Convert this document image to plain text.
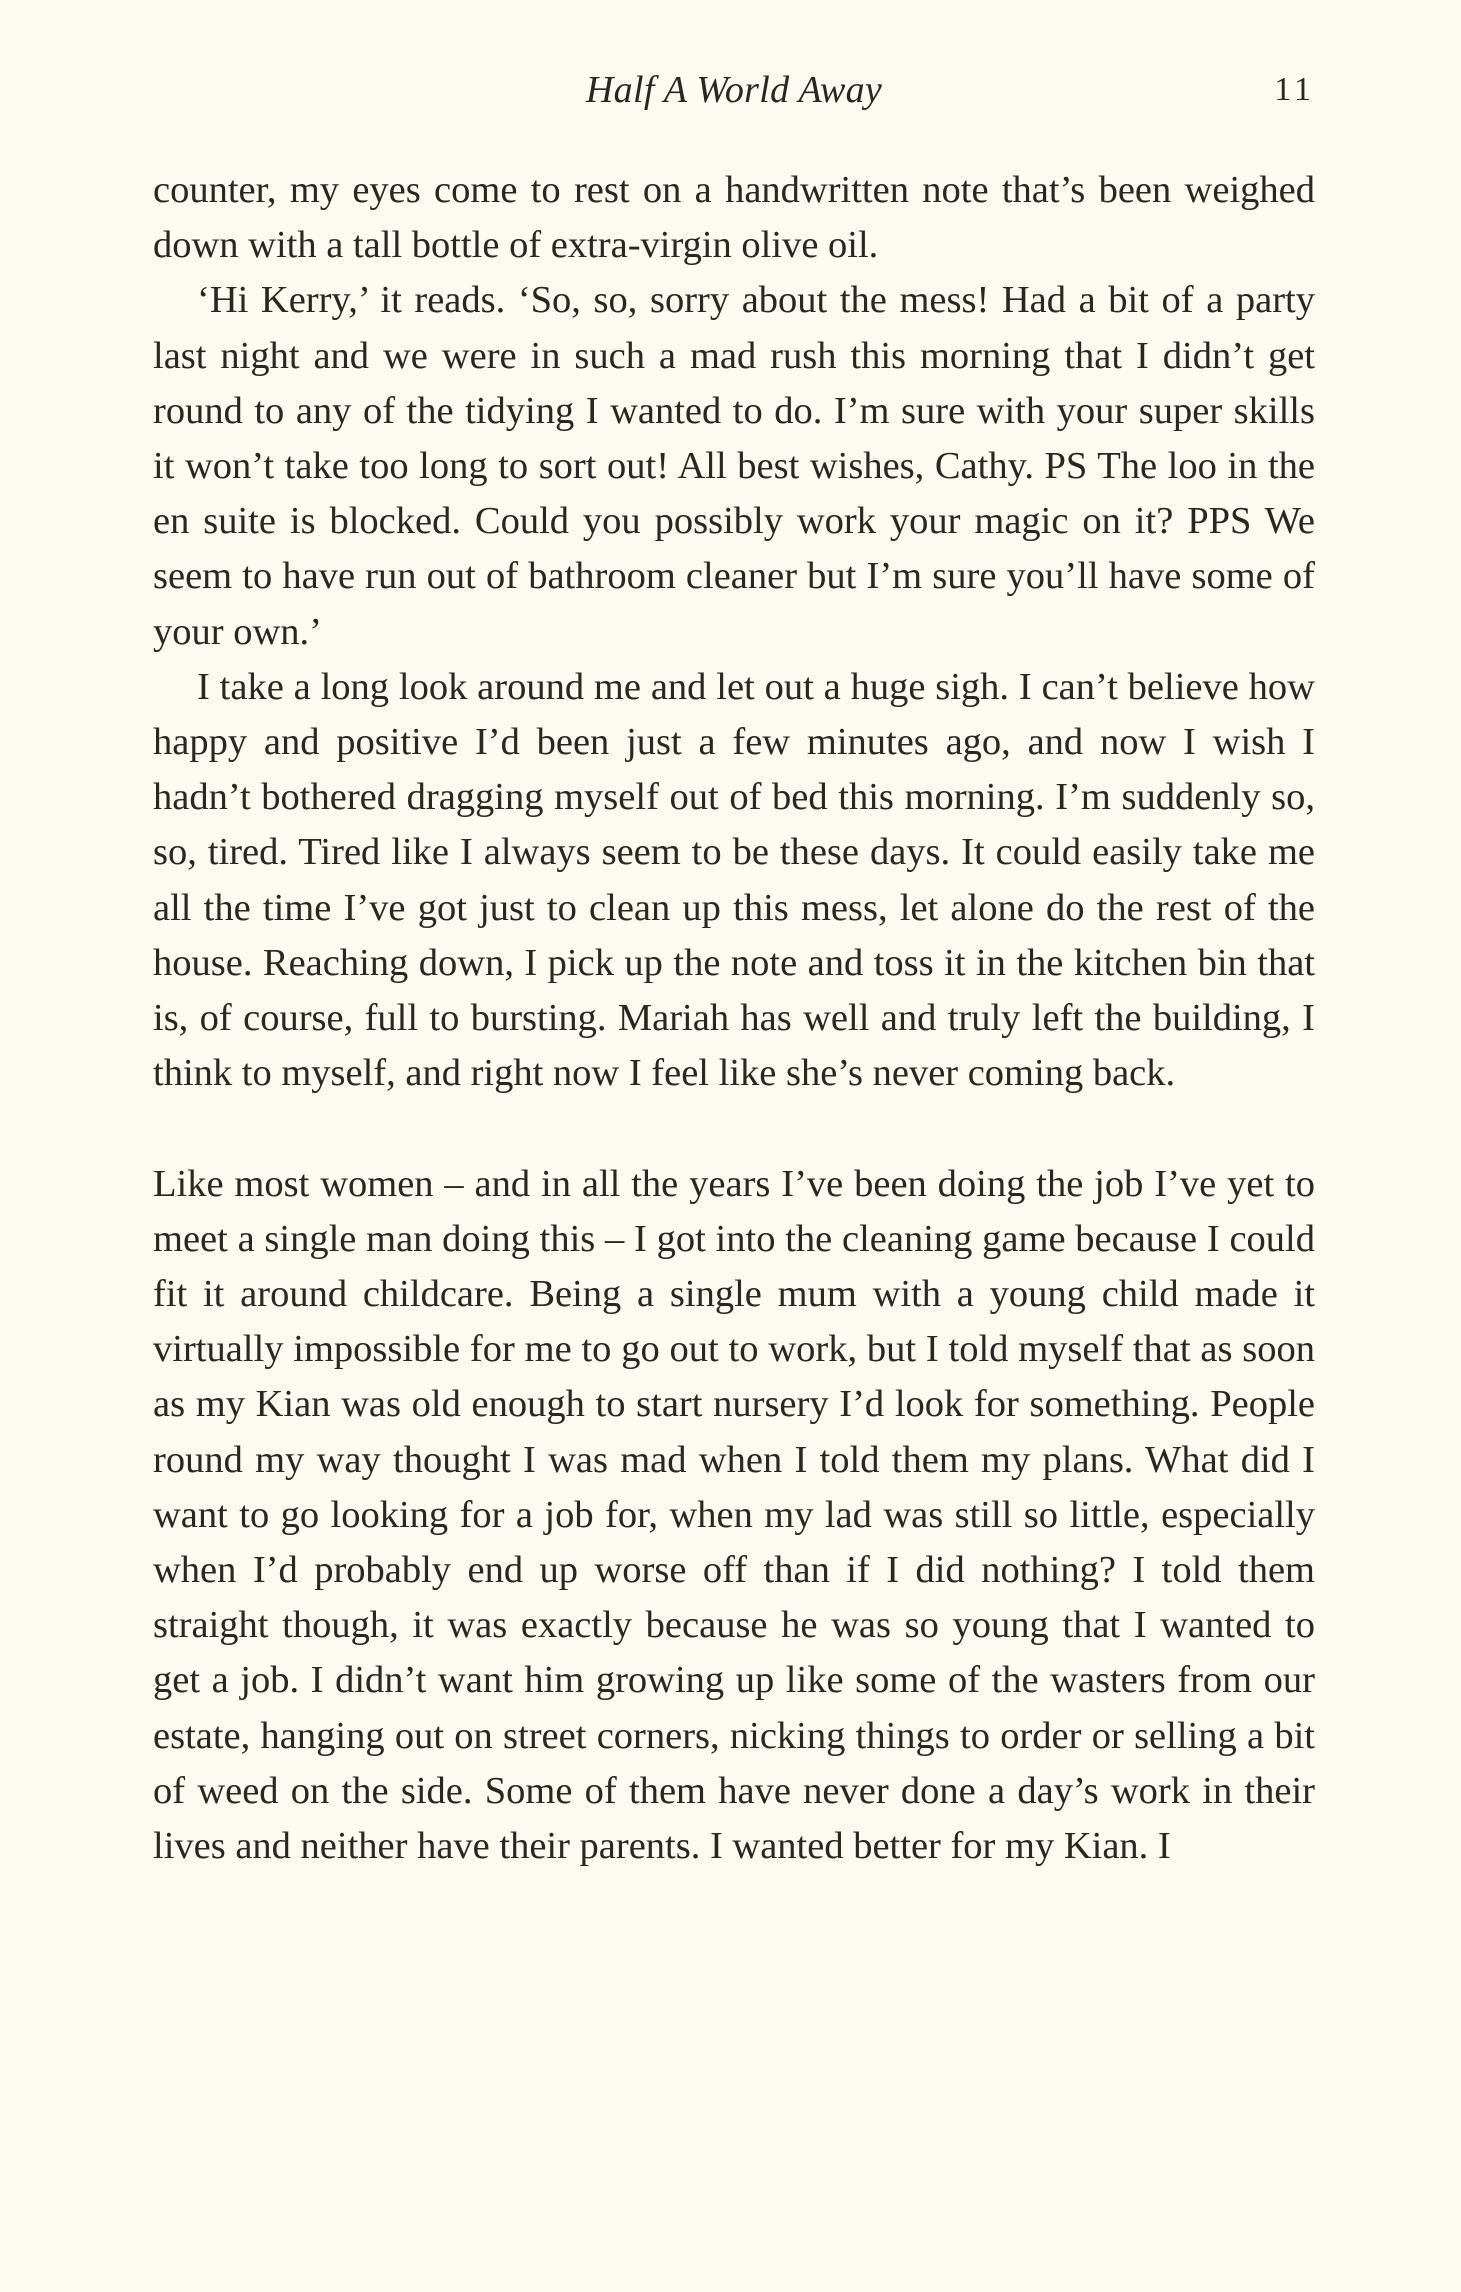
Half A World Away	11

counter, my eyes come to rest on a handwritten note that’s been weighed down with a tall bottle of extra-virgin olive oil.

‘Hi Kerry,’ it reads. ‘So, so, sorry about the mess! Had a bit of a party last night and we were in such a mad rush this morning that I didn’t get round to any of the tidying I wanted to do. I’m sure with your super skills it won’t take too long to sort out! All best wishes, Cathy. PS The loo in the en suite is blocked. Could you possibly work your magic on it? PPS We seem to have run out of bathroom cleaner but I’m sure you’ll have some of your own.’

I take a long look around me and let out a huge sigh. I can’t believe how happy and positive I’d been just a few minutes ago, and now I wish I hadn’t bothered dragging myself out of bed this morning. I’m suddenly so, so, tired. Tired like I always seem to be these days. It could easily take me all the time I’ve got just to clean up this mess, let alone do the rest of the house. Reaching down, I pick up the note and toss it in the kitchen bin that is, of course, full to bursting. Mariah has well and truly left the building, I think to myself, and right now I feel like she’s never coming back.

Like most women – and in all the years I’ve been doing the job I’ve yet to meet a single man doing this – I got into the cleaning game because I could fit it around childcare. Being a single mum with a young child made it virtually impossible for me to go out to work, but I told myself that as soon as my Kian was old enough to start nursery I’d look for something. People round my way thought I was mad when I told them my plans. What did I want to go looking for a job for, when my lad was still so little, especially when I’d probably end up worse off than if I did nothing? I told them straight though, it was exactly because he was so young that I wanted to get a job. I didn’t want him growing up like some of the wasters from our estate, hanging out on street corners, nicking things to order or selling a bit of weed on the side. Some of them have never done a day’s work in their lives and neither have their parents. I wanted better for my Kian. I
